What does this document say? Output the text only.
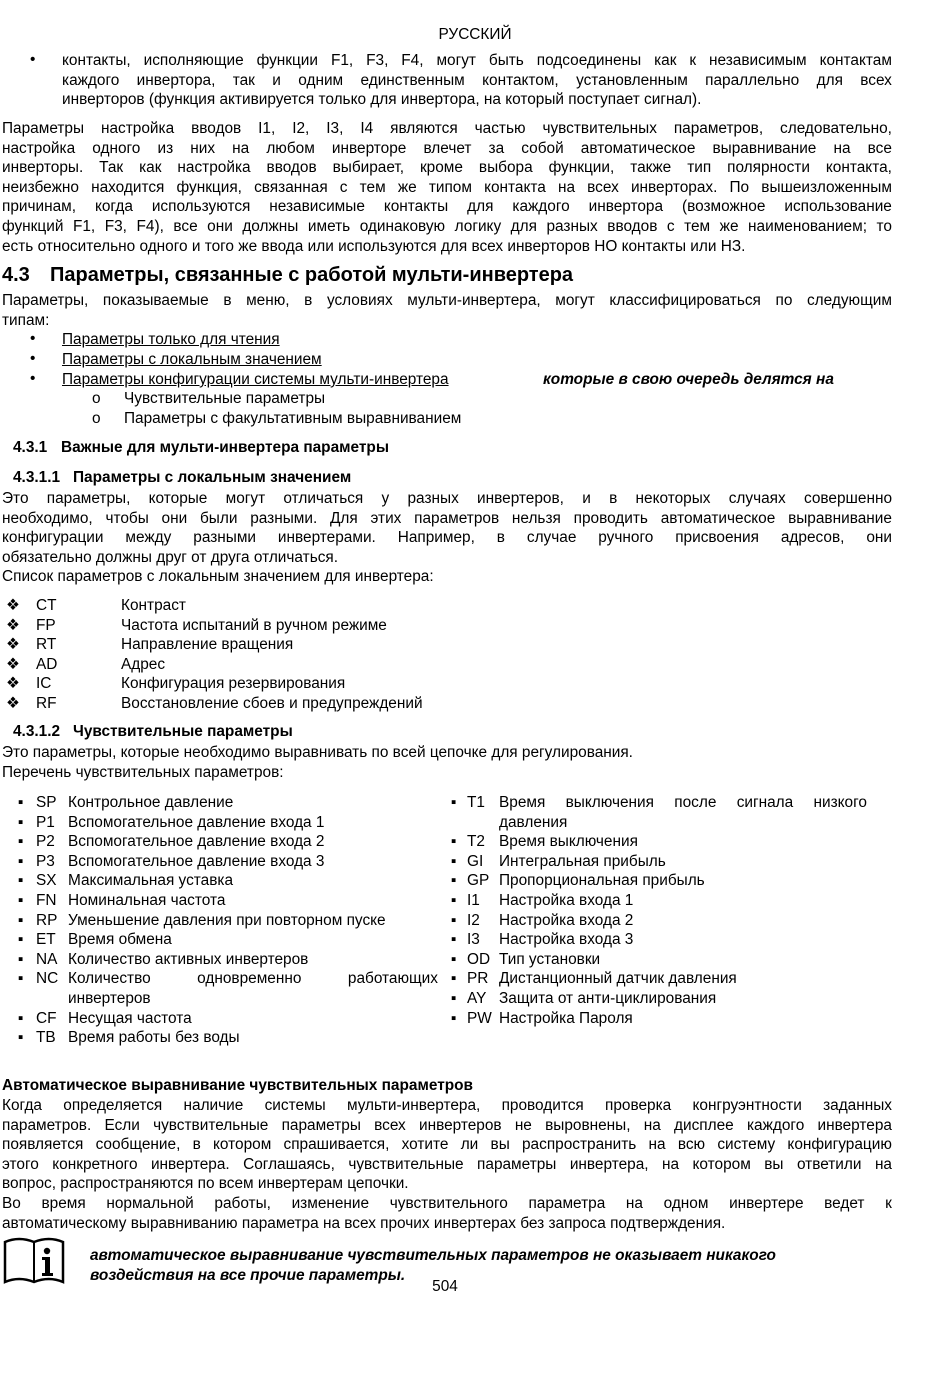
РУССКИЙ
• контакты, исполняющие функции F1, F3, F4, могут быть подсоединены как к независимым контактам
каждого инвертора, так и одним единственным контактом, установленным параллельно для всех
инверторов (функция активируется только для инвертора, на который поступает сигнал).
Параметры настройка вводов I1, I2, I3, I4 являются частью чувствительных параметров, следовательно,
настройка одного из них на любом инверторе влечет за собой автоматическое выравнивание на все
инверторы. Так как настройка вводов выбирает, кроме выбора функции, также тип полярности контакта,
неизбежно находится функция, связанная с тем же типом контакта на всех инверторах. По вышеизложенным
причинам, когда используются независимые контакты для каждого инвертора (возможное использование
функций F1, F3, F4), все они должны иметь одинаковую логику для разных вводов с тем же наименованием; то
есть относительно одного и того же ввода или используются для всех инверторов НО контакты или НЗ.
4.3 Параметры, связанные с работой мульти-инвертера
Параметры, показываемые в меню, в условиях мульти-инвертера, могут классифицироваться по следующим
типам:
• Параметры только для чтения
• Параметры с локальным значением
• Параметры конфигурации системы мульти-инвертера	которые в свою очередь делятся на
o Чувствительные параметры
o Параметры с факультативным выравниванием
4.3.1 Важные для мульти-инвертера параметры
4.3.1.1 Параметры с локальным значением
Это параметры, которые могут отличаться у разных инвертеров, и в некоторых случаях совершенно
необходимо, чтобы они были разными. Для этих параметров нельзя проводить автоматическое выравнивание
конфигурации между разными инвертерами. Например, в случае ручного присвоения адресов, они
обязательно должны друг от друга отличаться.
Список параметров с локальным значением для инвертера:
❖ CT	Контраст
❖ FP	Частота испытаний в ручном режиме
❖ RT	Направление вращения
❖ AD	Адрес
❖ IC	Конфигурация резервирования
❖ RF	Восстановление сбоев и предупреждений
4.3.1.2 Чувствительные параметры
Это параметры, которые необходимо выравнивать по всей цепочке для регулирования.
Перечень чувствительных параметров:
▪ SP Контрольное давление
▪ P1 Вспомогательное давление входа 1
▪ P2 Вспомогательное давление входа 2
▪ P3 Вспомогательное давление входа 3
▪ SX Максимальная уставка
▪ FN Номинальная частота
▪ RP Уменьшение давления при повторном пуске
▪ ET Время обмена
▪ NA Количество активных инвертеров
▪ NC Количество	одновременно	работающих
инвертеров
▪ CF Несущая частота
▪ TB Время работы без воды
▪ T1 Время выключения после сигнала низкого
давления
▪ T2 Время выключения
▪ GI Интегральная прибыль
▪ GP Пропорциональная прибыль
▪ I1 Настройка входа 1
▪ I2 Настройка входа 2
▪ I3 Настройка входа 3
▪ OD Тип установки
▪ PR Дистанционный датчик давления
▪ AY Защита от анти-циклирования
▪ PW Настройка Пароля
Автоматическое выравнивание чувствительных параметров
Когда определяется наличие системы мульти-инвертера, проводится проверка конгруэнтности заданных
параметров. Если чувствительные параметры всех инвертеров не выровнены, на дисплее каждого инвертера
появляется сообщение, в котором спрашивается, хотите ли вы распространить на всю систему конфигурацию
этого конкретного инвертера. Соглашаясь, чувствительные параметры инвертера, на котором вы ответили на
вопрос, распространяются по всем инвертерам цепочки.
Во время нормальной работы, изменение чувствительного параметра на одном инвертере ведет к
автоматическому выравниванию параметра на всех прочих инвертерах без запроса подтверждения.
автоматическое выравнивание чувствительных параметров не оказывает никакого
воздействия на все прочие параметры.
504
